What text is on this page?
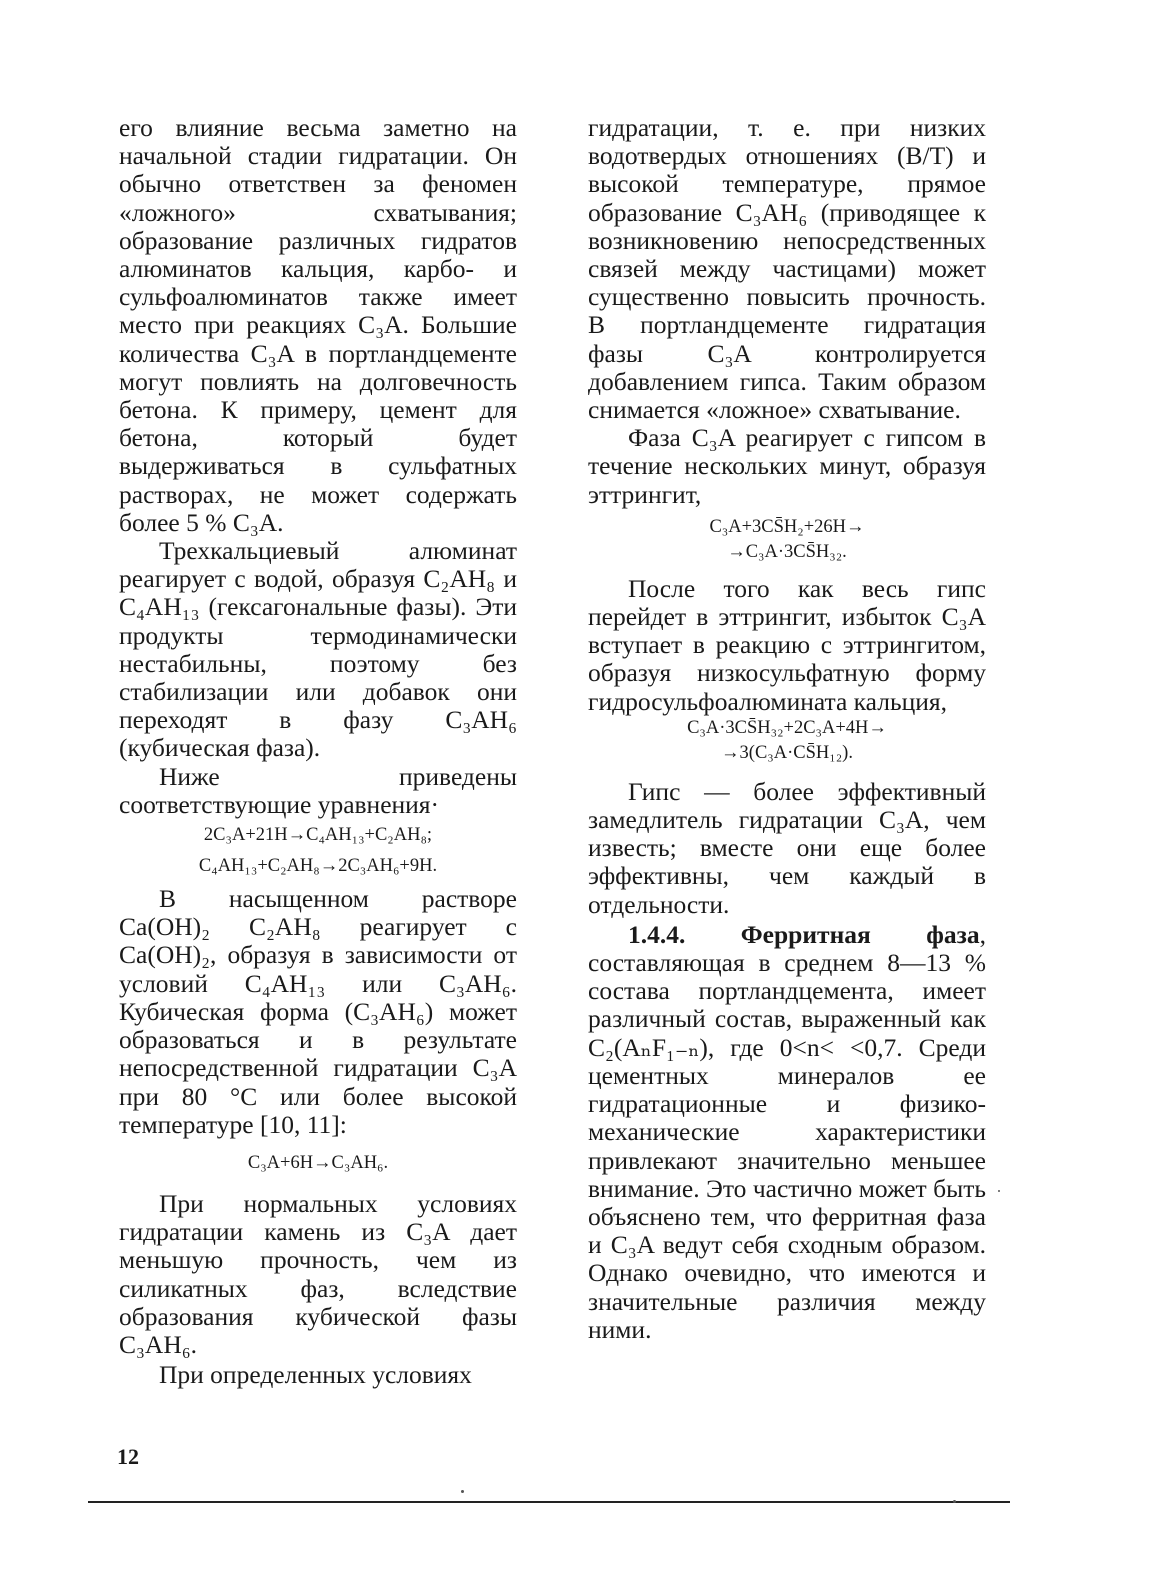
его влияние весьма заметно на начальной стадии гидратации. Он обычно ответствен за феномен «ложного» схватывания; образование различных гидратов алюминатов кальция, карбо- и сульфоалюминатов также имеет место при реакциях C₃A. Большие количества C₃A в портландцементе могут повлиять на долговечность бетона. К примеру, цемент для бетона, который будет выдерживаться в сульфатных растворах, не может содержать более 5 % C₃A.

Трехкальциевый алюминат реагирует с водой, образуя C₂AH₈ и C₄AH₁₃ (гексагональные фазы). Эти продукты термодинамически нестабильны, поэтому без стабилизации или добавок они переходят в фазу C₃AH₆ (кубическая фаза).

Ниже приведены соответствующие уравнения·

2C₃A+21H→C₄AH₁₃+C₂AH₈;

C₄AH₁₃+C₂AH₈→2C₃AH₆+9H.

В насыщенном растворе Ca(OH)₂ C₂AH₈ реагирует с Ca(OH)₂, образуя в зависимости от условий C₄AH₁₃ или C₃AH₆. Кубическая форма (C₃AH₆) может образоваться и в результате непосредственной гидратации C₃A при 80 °С или более высокой температуре [10, 11]:

C₃A+6H→C₃AH₆.

При нормальных условиях гидратации камень из C₃A дает меньшую прочность, чем из силикатных фаз, вследствие образования кубической фазы C₃AH₆.

При определенных условиях

гидратации, т. е. при низких водотвердых отношениях (В/Т) и высокой температуре, прямое образование C₃AH₆ (приводящее к возникновению непосредственных связей между частицами) может существенно повысить прочность. В портландцементе гидратация фазы C₃A контролируется добавлением гипса. Таким образом снимается «ложное» схватывание.

Фаза C₃A реагирует с гипсом в течение нескольких минут, образуя эттрингит,

C₃A+3CS̄H₂+26H→

→C₃A·3CS̄H₃₂.

После того как весь гипс перейдет в эттрингит, избыток C₃A вступает в реакцию с эттрингитом, образуя низкосульфатную форму гидросульфоалюмината кальция,

C₃A·3CS̄H₃₂+2C₃A+4H→

→3(C₃A·CS̄H₁₂).

Гипс — более эффективный замедлитель гидратации C₃A, чем известь; вместе они еще более эффективны, чем каждый в отдельности.

1.4.4. Ферритная фаза, составляющая в среднем 8—13 % состава портландцемента, имеет различный состав, выраженный как C₂(AₙF₁₋ₙ), где 0<n< <0,7. Среди цементных минералов ее гидратационные и физико-механические характеристики привлекают значительно меньшее внимание. Это частично может быть объяснено тем, что ферритная фаза и C₃A ведут себя сходным образом. Однако очевидно, что имеются и значительные различия между ними.

12
